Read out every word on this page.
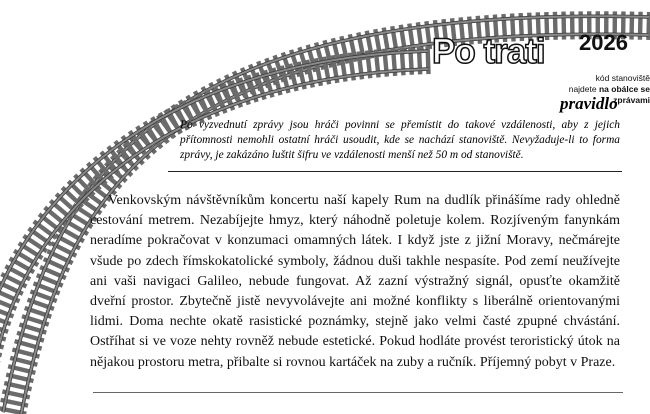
Po trati 2026
kód stanoviště
najdete na obálce se zprávami
pravidlo
Po vyzvednutí zprávy jsou hráči povinni se přemístit do takové vzdálenosti, aby z jejich přítomnosti nemohli ostatní hráči usoudit, kde se nachází stanoviště. Nevyžaduje-li to forma zprávy, je zakázáno luštit šifru ve vzdálenosti menší než 50 m od stanoviště.
Venkovským návštěvníkům koncertu naší kapely Rum na dudlík přinášíme rady ohledně cestování metrem. Nezabíjejte hmyz, který náhodně poletuje kolem. Rozjíveným fanynkám neradíme pokračovat v konzumaci omamných látek. I když jste z jižní Moravy, nečmárejte všude po zdech římskokatolické symboly, žádnou duši takhle nespasíte. Pod zemí neužívejte ani vaši navigaci Galileo, nebude fungovat. Až zazní výstražný signál, opusťte okamžitě dveřní prostor. Zbytečně jistě nevyvolávejte ani možné konflikty s liberálně orientovanými lidmi. Doma nechte okatě rasistické poznámky, stejně jako velmi časté zpupné chvástání. Ostříhat si ve voze nehty rovněž nebude estetické. Pokud hodláte provést teroristický útok na nějakou prostoru metra, přibalte si rovnou kartáček na zuby a ručník. Příjemný pobyt v Praze.
